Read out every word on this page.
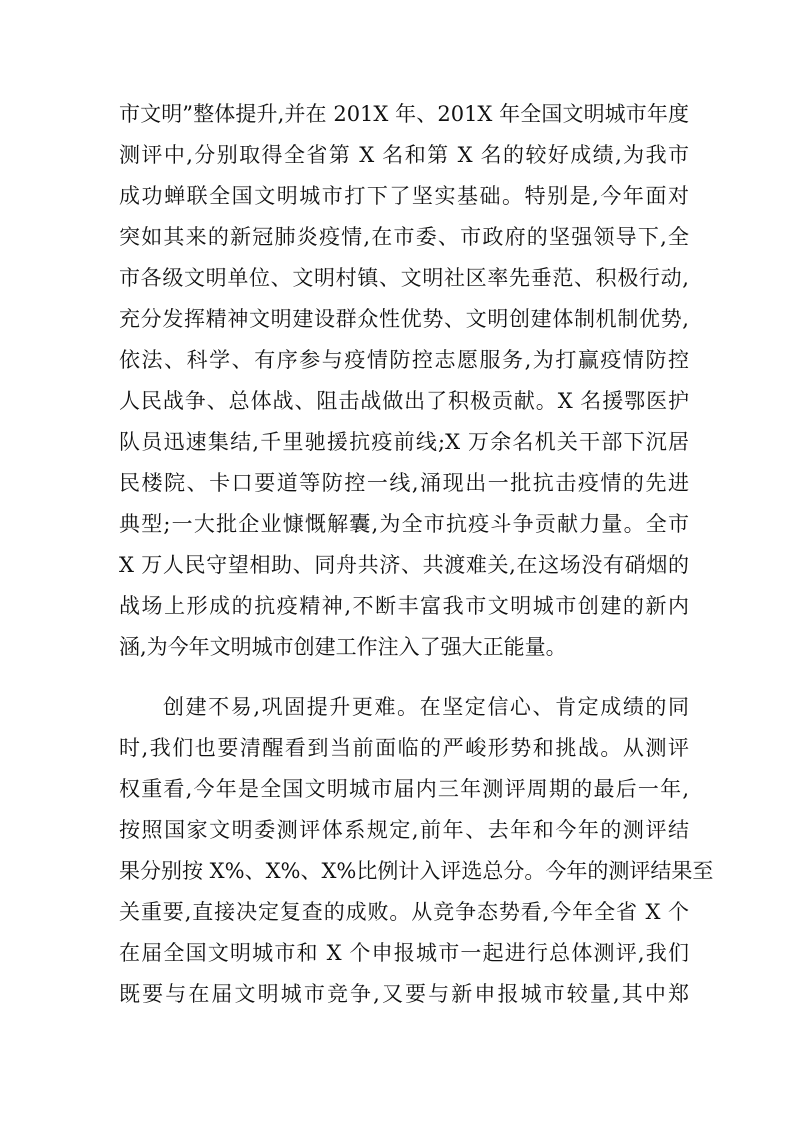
市文明”整体提升,并在 201X 年、201X 年全国文明城市年度
测评中,分别取得全省第 X 名和第 X 名的较好成绩,为我市
成功蝉联全国文明城市打下了坚实基础。特别是,今年面对
突如其来的新冠肺炎疫情,在市委、市政府的坚强领导下,全
市各级文明单位、文明村镇、文明社区率先垂范、积极行动,
充分发挥精神文明建设群众性优势、文明创建体制机制优势,
依法、科学、有序参与疫情防控志愿服务,为打赢疫情防控
人民战争、总体战、阻击战做出了积极贡献。X 名援鄂医护
队员迅速集结,千里驰援抗疫前线;X 万余名机关干部下沉居
民楼院、卡口要道等防控一线,涌现出一批抗击疫情的先进
典型;一大批企业慷慨解囊,为全市抗疫斗争贡献力量。全市
X 万人民守望相助、同舟共济、共渡难关,在这场没有硝烟的
战场上形成的抗疫精神,不断丰富我市文明城市创建的新内
涵,为今年文明城市创建工作注入了强大正能量。
创建不易,巩固提升更难。在坚定信心、肯定成绩的同
时,我们也要清醒看到当前面临的严峻形势和挑战。从测评
权重看,今年是全国文明城市届内三年测评周期的最后一年,
按照国家文明委测评体系规定,前年、去年和今年的测评结
果分别按 X%、X%、X%比例计入评选总分。今年的测评结果至
关重要,直接决定复查的成败。从竞争态势看,今年全省 X 个
在届全国文明城市和 X 个申报城市一起进行总体测评,我们
既要与在届文明城市竞争,又要与新申报城市较量,其中郑
